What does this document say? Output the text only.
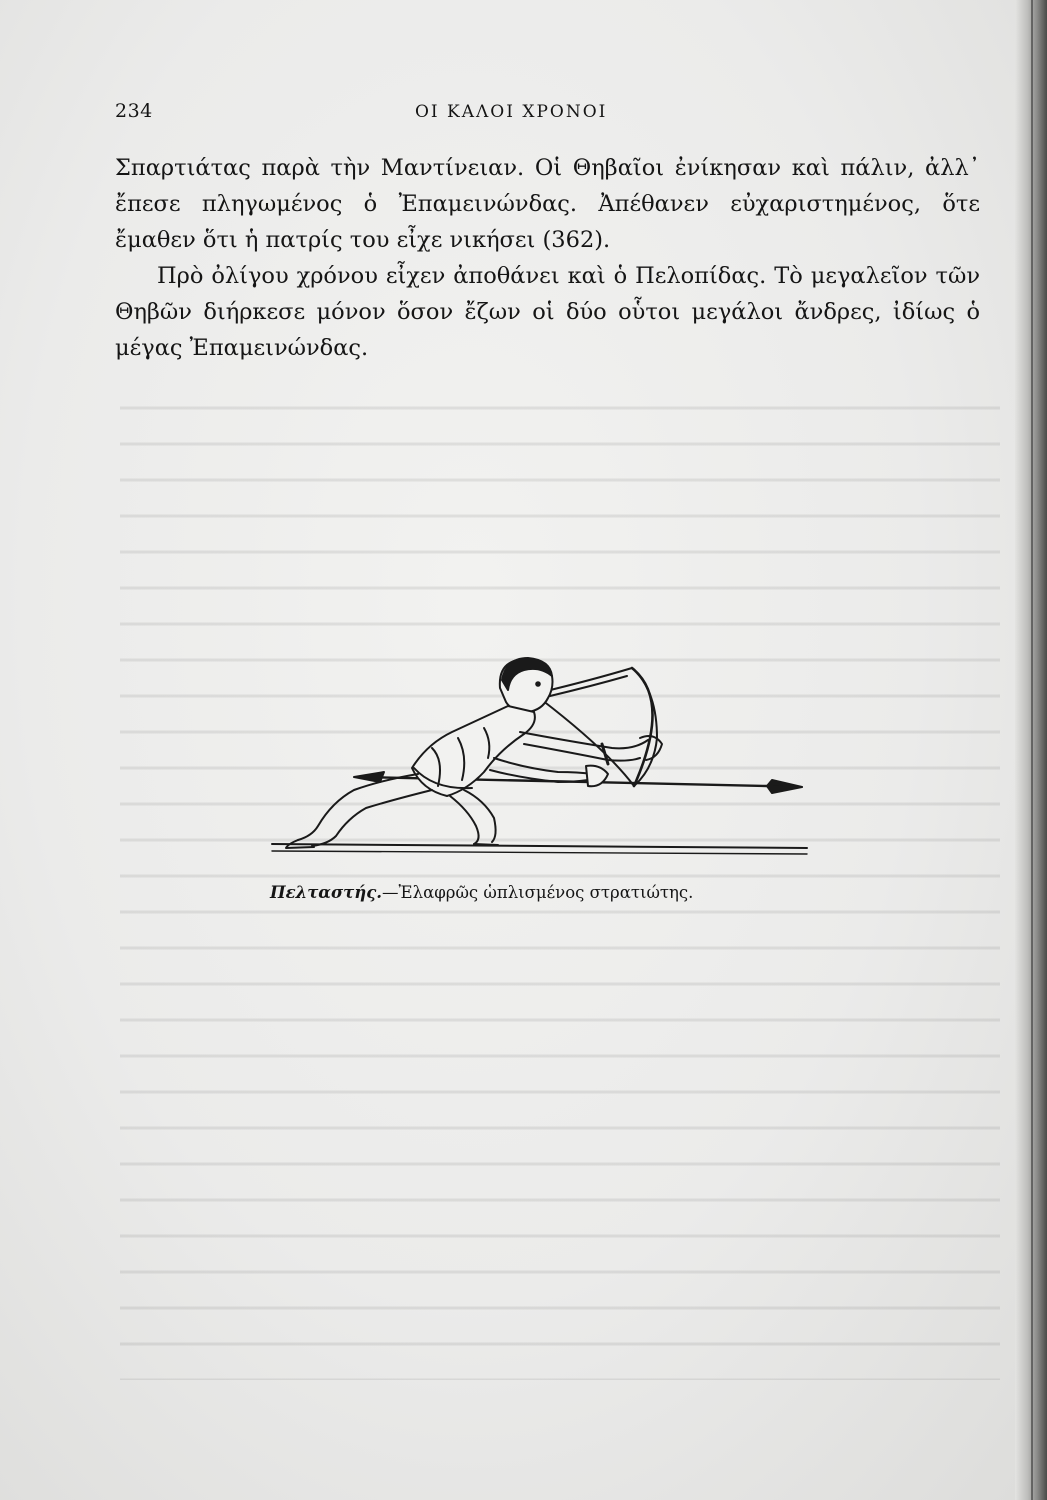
234	ΟΙ ΚΑΛΟΙ ΧΡΟΝΟΙ

Σπαρτιάτας παρὰ τὴν Μαντίνειαν. Οἱ Θηβαῖοι ἐνίκησαν καὶ πάλιν, ἀλλ᾽ ἔπεσε πληγωμένος ὁ Ἐπαμεινώνδας. Ἀπέθανεν εὐχαριστημένος, ὅτε ἔμαθεν ὅτι ἡ πατρίς του εἶχε νικήσει (362).

Πρὸ ὀλίγου χρόνου εἶχεν ἀποθάνει καὶ ὁ Πελοπίδας. Τὸ μεγαλεῖον τῶν Θηβῶν διήρκεσε μόνον ὅσον ἔζων οἱ δύο οὗτοι μεγάλοι ἄνδρες, ἰδίως ὁ μέγας Ἐπαμεινώνδας.

Πελταστής.—Ἐλαφρῶς ὡπλισμένος στρατιώτης.
